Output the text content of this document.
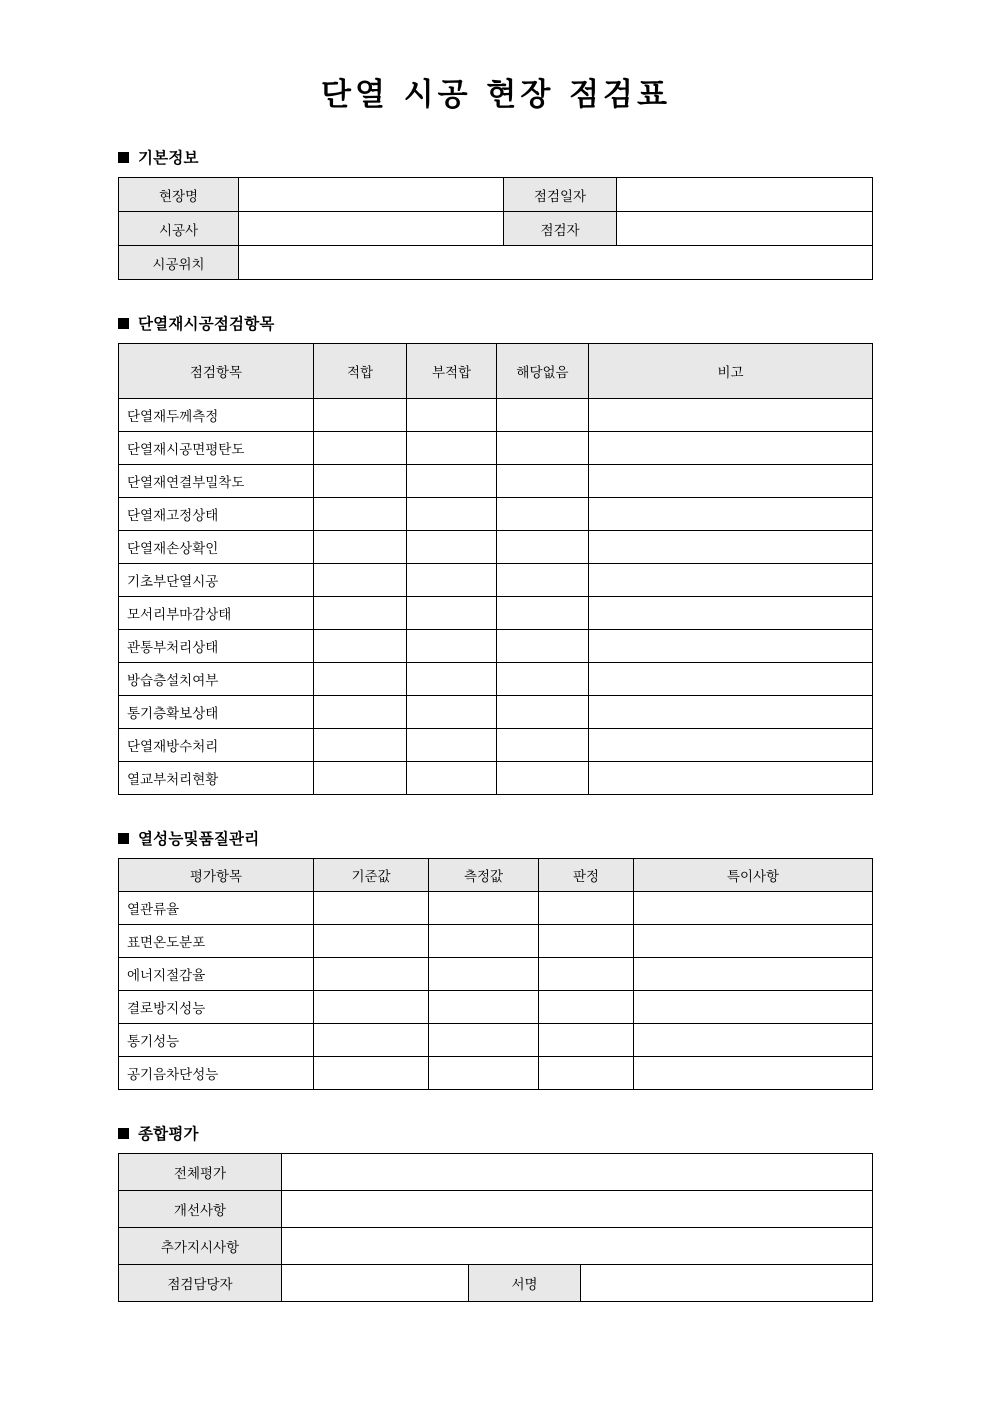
단열 시공 현장 점검표
기본정보
현장명		점검일자	
시공사		점검자	
시공위치			
단열재시공점검항목
점검항목	적합	부적합	해당없음	비고
단열재두께측정				
단열재시공면평탄도				
단열재연결부밀착도				
단열재고정상태				
단열재손상확인				
기초부단열시공				
모서리부마감상태				
관통부처리상태				
방습층설치여부				
통기층확보상태				
단열재방수처리				
열교부처리현황				
열성능및품질관리
평가항목	기준값	측정값	판정	특이사항
열관류율				
표면온도분포				
에너지절감율				
결로방지성능				
통기성능				
공기음차단성능				
종합평가
전체평가			
개선사항			
추가지시사항			
점검담당자		서명	
